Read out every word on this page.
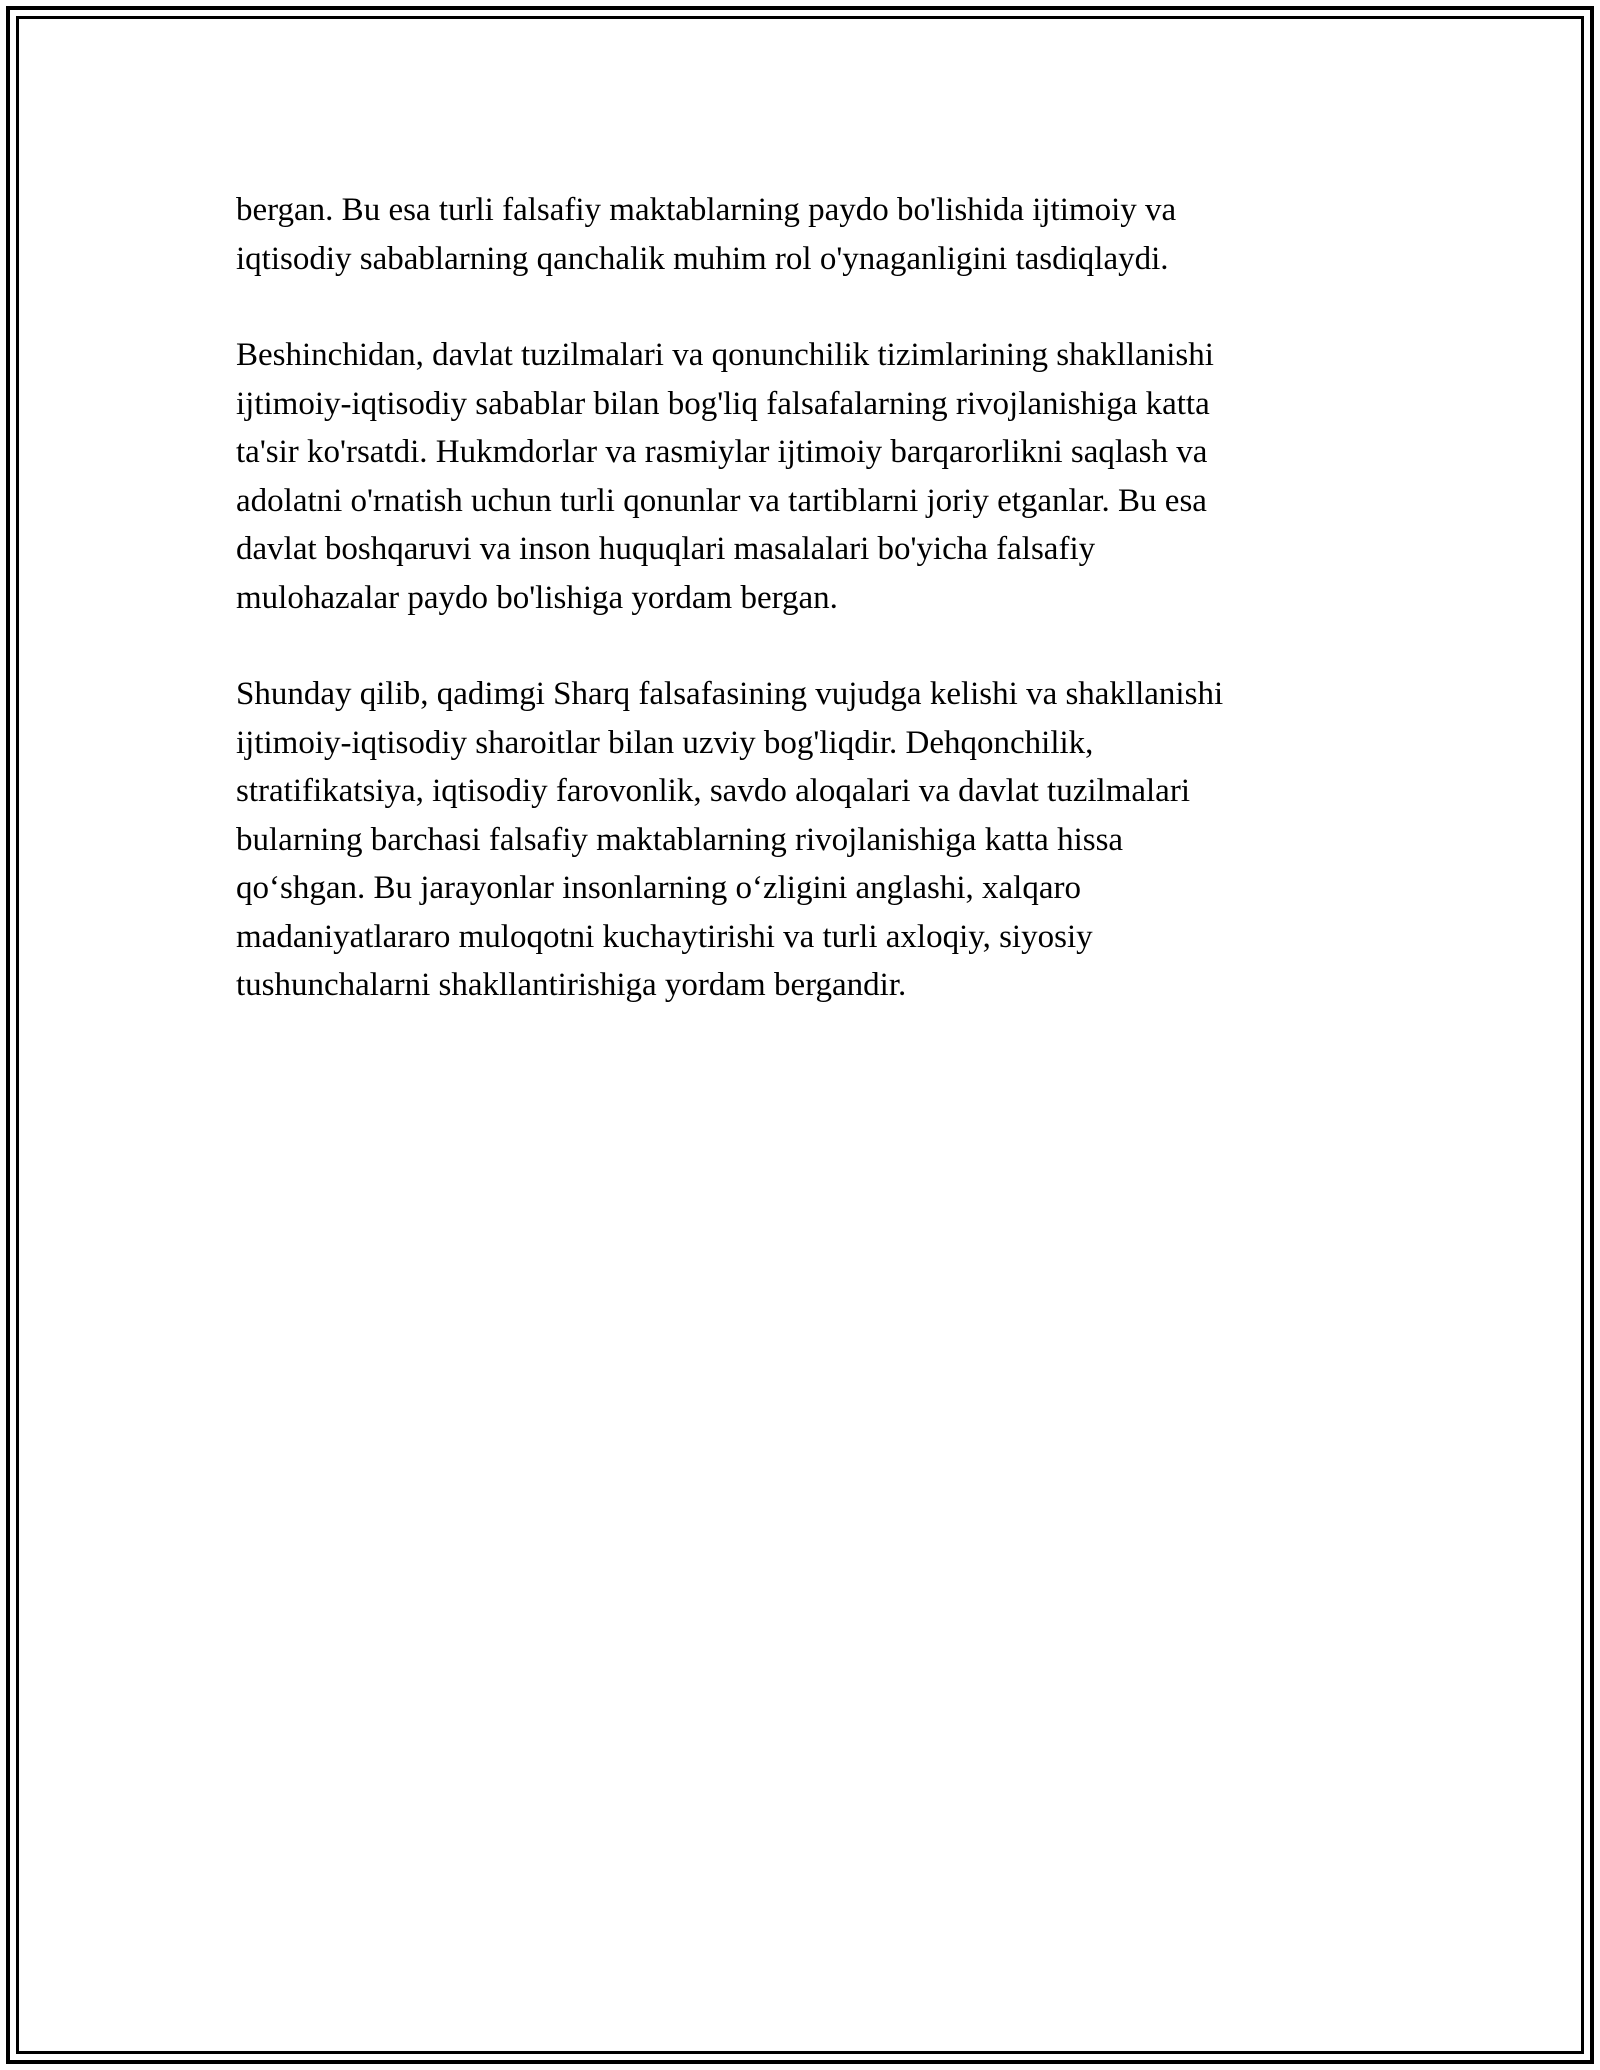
bergan. Bu esa turli falsafiy maktablarning paydo bo'lishida ijtimoiy va
iqtisodiy sabablarning qanchalik muhim rol o'ynaganligini tasdiqlaydi.

Beshinchidan, davlat tuzilmalari va qonunchilik tizimlarining shakllanishi
ijtimoiy-iqtisodiy sabablar bilan bog'liq falsafalarning rivojlanishiga katta
ta'sir ko'rsatdi. Hukmdorlar va rasmiylar ijtimoiy barqarorlikni saqlash va
adolatni o'rnatish uchun turli qonunlar va tartiblarni joriy etganlar. Bu esa
davlat boshqaruvi va inson huquqlari masalalari bo'yicha falsafiy
mulohazalar paydo bo'lishiga yordam bergan.

Shunday qilib, qadimgi Sharq falsafasining vujudga kelishi va shakllanishi
ijtimoiy-iqtisodiy sharoitlar bilan uzviy bog'liqdir. Dehqonchilik,
stratifikatsiya, iqtisodiy farovonlik, savdo aloqalari va davlat tuzilmalari
bularning barchasi falsafiy maktablarning rivojlanishiga katta hissa
qo‘shgan. Bu jarayonlar insonlarning o‘zligini anglashi, xalqaro
madaniyatlararo muloqotni kuchaytirishi va turli axloqiy, siyosiy
tushunchalarni shakllantirishiga yordam bergandir.
